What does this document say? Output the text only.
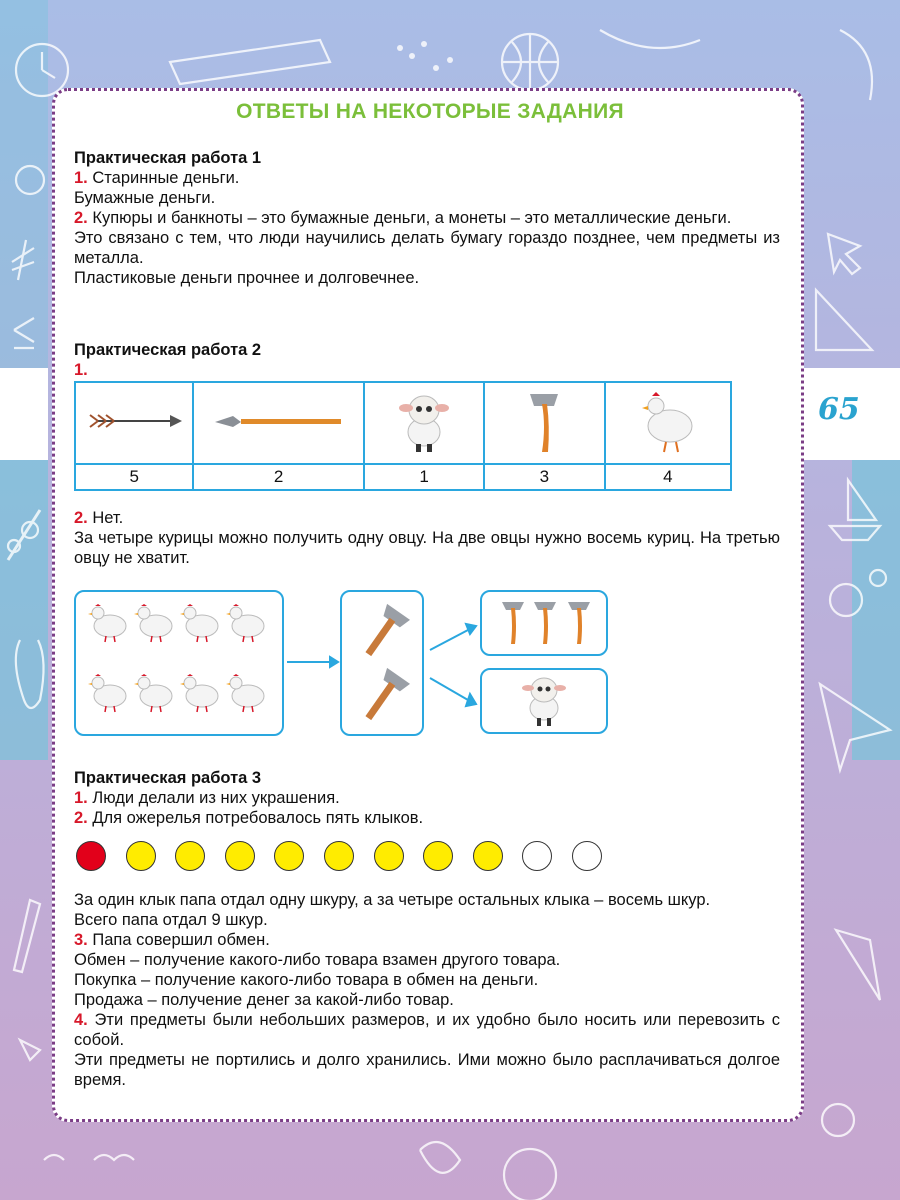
65
ОТВЕТЫ НА НЕКОТОРЫЕ ЗАДАНИЯ
Практическая работа 1
1. Старинные деньги.
Бумажные деньги.
2. Купюры и банкноты – это бумажные деньги, а монеты – это металлические деньги.
Это связано с тем, что люди научились делать бумагу гораздо позднее, чем предметы из металла.
Пластиковые деньги прочнее и долговечнее.
Практическая работа 2
1.

5	2	1	3	4
2. Нет.
За четыре курицы можно получить одну овцу. На две овцы нужно восемь куриц. На третью овцу не хватит.
Практическая работа 3
1. Люди делали из них украшения.
2. Для ожерелья потребовалось пять клыков.
За один клык папа отдал одну шкуру, а за четыре остальных клыка – восемь шкур.
Всего папа отдал 9 шкур.
3. Папа совершил обмен.
Обмен – получение какого-либо товара взамен другого товара.
Покупка – получение какого-либо товара в обмен на деньги.
Продажа – получение денег за какой-либо товар.
4. Эти предметы были небольших размеров, и их удобно было носить или перевозить с собой.
Эти предметы не портились и долго хранились. Ими можно было расплачиваться долгое время.
